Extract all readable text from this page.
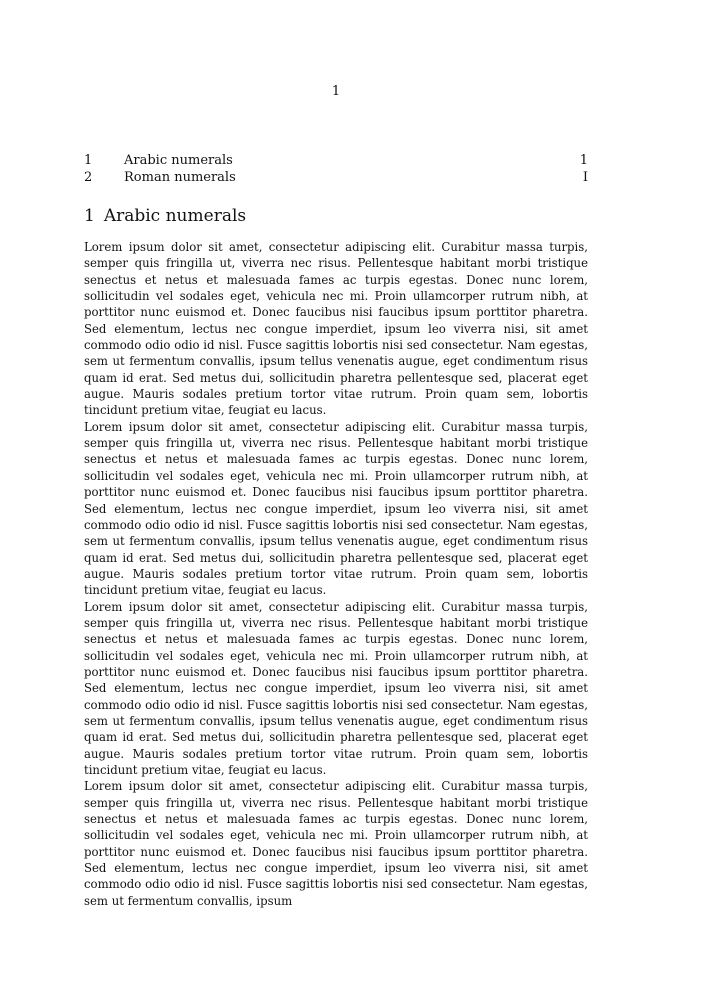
1
1	Arabic numerals	1
2	Roman numerals	I
1 Arabic numerals

Lorem ipsum dolor sit amet, consectetur adipiscing elit. Curabitur massa turpis, semper quis fringilla ut, viverra nec risus. Pellentesque habitant morbi tristique senectus et netus et malesuada fames ac turpis egestas. Donec nunc lorem, sollicitudin vel sodales eget, vehicula nec mi. Proin ullamcorper rutrum nibh, at porttitor nunc euismod et. Donec faucibus nisi faucibus ipsum porttitor pharetra. Sed elementum, lectus nec congue imperdiet, ipsum leo viverra nisi, sit amet commodo odio odio id nisl. Fusce sagittis lobortis nisi sed consectetur. Nam egestas, sem ut fermentum convallis, ipsum tellus venenatis augue, eget condimentum risus quam id erat. Sed metus dui, sollicitudin pharetra pellentesque sed, placerat eget augue. Mauris sodales pretium tortor vitae rutrum. Proin quam sem, lobortis tincidunt pretium vitae, feugiat eu lacus.

Lorem ipsum dolor sit amet, consectetur adipiscing elit. Curabitur massa turpis, semper quis fringilla ut, viverra nec risus. Pellentesque habitant morbi tristique senectus et netus et malesuada fames ac turpis egestas. Donec nunc lorem, sollicitudin vel sodales eget, vehicula nec mi. Proin ullamcorper rutrum nibh, at porttitor nunc euismod et. Donec faucibus nisi faucibus ipsum porttitor pharetra. Sed elementum, lectus nec congue imperdiet, ipsum leo viverra nisi, sit amet commodo odio odio id nisl. Fusce sagittis lobortis nisi sed consectetur. Nam egestas, sem ut fermentum convallis, ipsum tellus venenatis augue, eget condimentum risus quam id erat. Sed metus dui, sollicitudin pharetra pellentesque sed, placerat eget augue. Mauris sodales pretium tortor vitae rutrum. Proin quam sem, lobortis tincidunt pretium vitae, feugiat eu lacus.

Lorem ipsum dolor sit amet, consectetur adipiscing elit. Curabitur massa turpis, semper quis fringilla ut, viverra nec risus. Pellentesque habitant morbi tristique senectus et netus et malesuada fames ac turpis egestas. Donec nunc lorem, sollicitudin vel sodales eget, vehicula nec mi. Proin ullamcorper rutrum nibh, at porttitor nunc euismod et. Donec faucibus nisi faucibus ipsum porttitor pharetra. Sed elementum, lectus nec congue imperdiet, ipsum leo viverra nisi, sit amet commodo odio odio id nisl. Fusce sagittis lobortis nisi sed consectetur. Nam egestas, sem ut fermentum convallis, ipsum tellus venenatis augue, eget condimentum risus quam id erat. Sed metus dui, sollicitudin pharetra pellentesque sed, placerat eget augue. Mauris sodales pretium tortor vitae rutrum. Proin quam sem, lobortis tincidunt pretium vitae, feugiat eu lacus.

Lorem ipsum dolor sit amet, consectetur adipiscing elit. Curabitur massa turpis, semper quis fringilla ut, viverra nec risus. Pellentesque habitant morbi tristique senectus et netus et malesuada fames ac turpis egestas. Donec nunc lorem, sollicitudin vel sodales eget, vehicula nec mi. Proin ullamcorper rutrum nibh, at porttitor nunc euismod et. Donec faucibus nisi faucibus ipsum porttitor pharetra. Sed elementum, lectus nec congue imperdiet, ipsum leo viverra nisi, sit amet commodo odio odio id nisl. Fusce sagittis lobortis nisi sed consectetur. Nam egestas, sem ut fermentum convallis, ipsum
